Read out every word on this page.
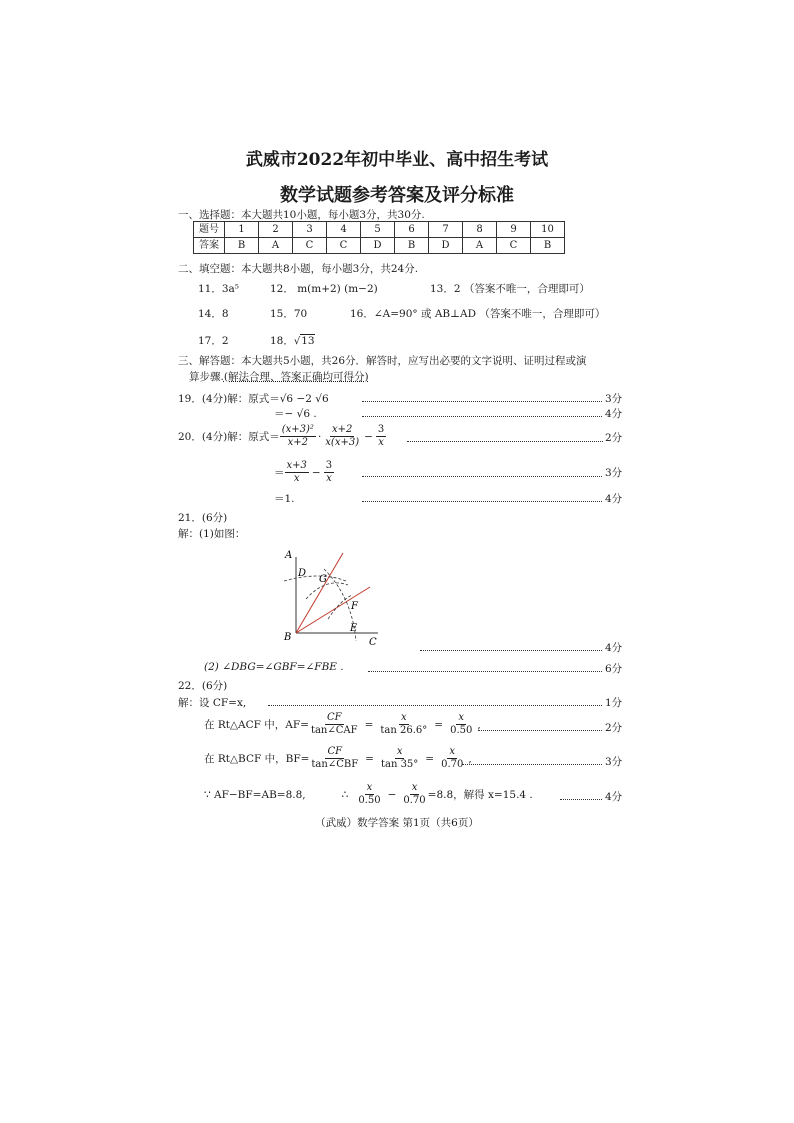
武威市2022年初中毕业、高中招生考试
数学试题参考答案及评分标准
一、选择题：本大题共10小题，每小题3分，共30分.
题号	1	2	3	4	5	6	7	8	9	10
答案	B	A	C	C	D	B	D	A	C	B
二、填空题：本大题共8小题，每小题3分，共24分.
11．3a⁵	12． m(m+2) (m−2)	13．2 （答案不唯一，合理即可）
14．8	15．70	16．∠A=90° 或 AB⊥AD （答案不唯一，合理即可）
17．2	18．√13
三、解答题：本大题共5小题，共26分．解答时，应写出必要的文字说明、证明过程或演
算步骤.(解法合理、答案正确均可得分)
19．(4分)解：原式＝√6 −2 √6	3分
＝− √6 .	4分
20．(4分)解：原式＝ $\frac{\text{(x+3)²}}{x+2} \cdot \frac{x+2}{x(x+3)} - \frac{3}{x}$	2分
＝ $\frac{x+3}{x} - \frac{3}{x}$	3分
＝1.	4分
21．(6分)
解：(1)如图：
A
D
G
F
E
B	C	4分
(2) ∠DBG=∠GBF=∠FBE .	6分
22．(6分)
解：设 CF=x,	1分
在 Rt△ACF 中，$AF= \frac{CF}{\text{tan∠CAF}} = \frac{x}{\tan 26.6^\circ} = \frac{x}{0.50}$ ,	2分
在 Rt△BCF 中，$BF= \frac{CF}{\text{tan∠CBF}} = \frac{x}{\tan 35^\circ} = \frac{x}{0.70}$ ,	3分
∵ AF−BF=AB=8.8,	∴ $\frac{x}{0.50} - \frac{x}{0.70} =8.8$，解得 x=15.4 .	4分
（武威）数学答案 第1页（共6页）
